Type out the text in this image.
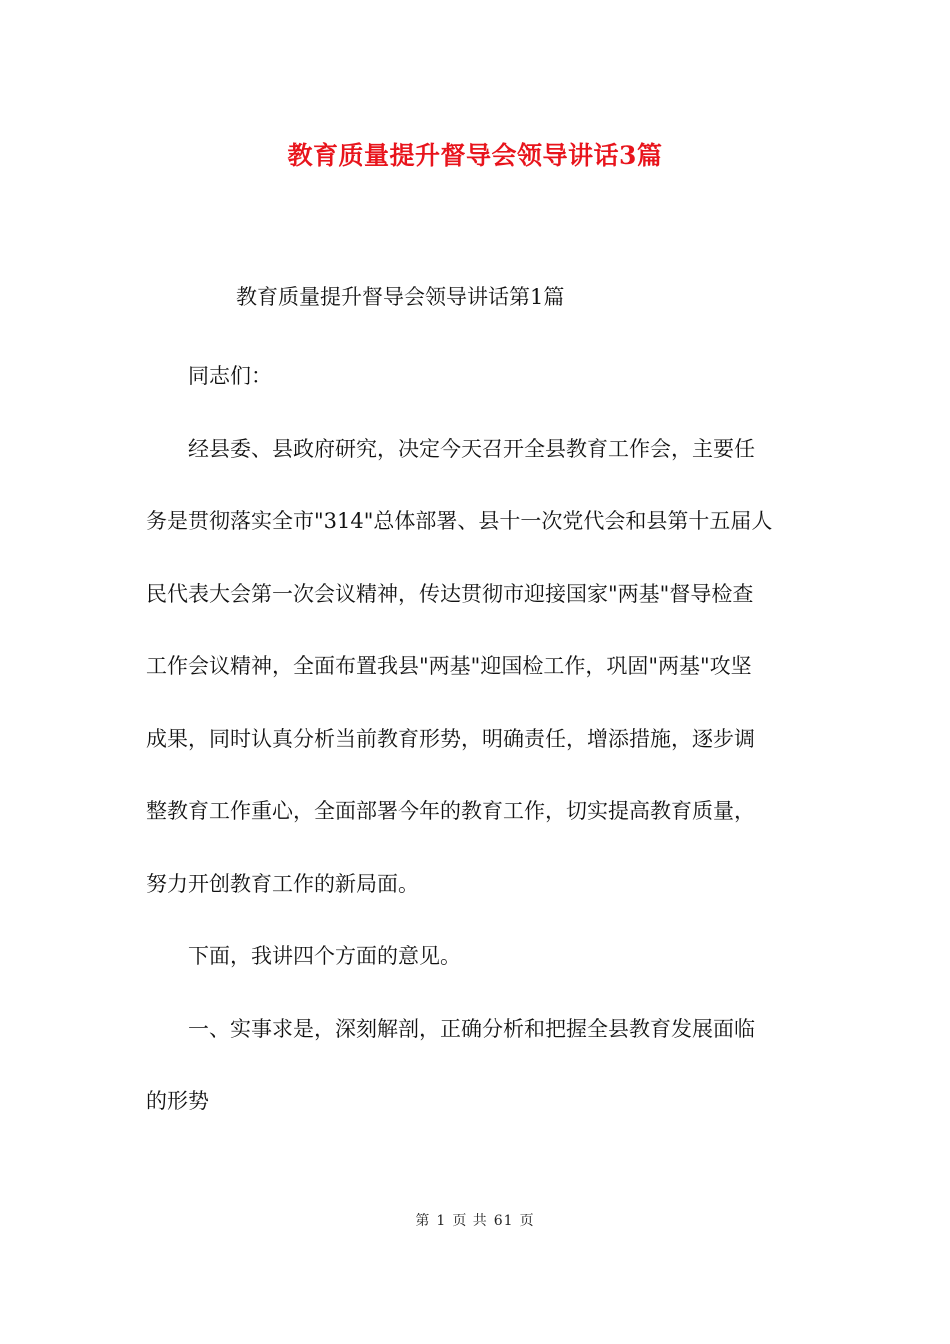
教育质量提升督导会领导讲话3篇

教育质量提升督导会领导讲话第1篇

同志们：

经县委、县政府研究，决定今天召开全县教育工作会，主要任
务是贯彻落实全市"314"总体部署、县十一次党代会和县第十五届人
民代表大会第一次会议精神，传达贯彻市迎接国家"两基"督导检查
工作会议精神，全面布置我县"两基"迎国检工作，巩固"两基"攻坚
成果，同时认真分析当前教育形势，明确责任，增添措施，逐步调
整教育工作重心，全面部署今年的教育工作，切实提高教育质量，
努力开创教育工作的新局面。

下面，我讲四个方面的意见。

一、实事求是，深刻解剖，正确分析和把握全县教育发展面临
的形势

第 1 页 共 61 页
